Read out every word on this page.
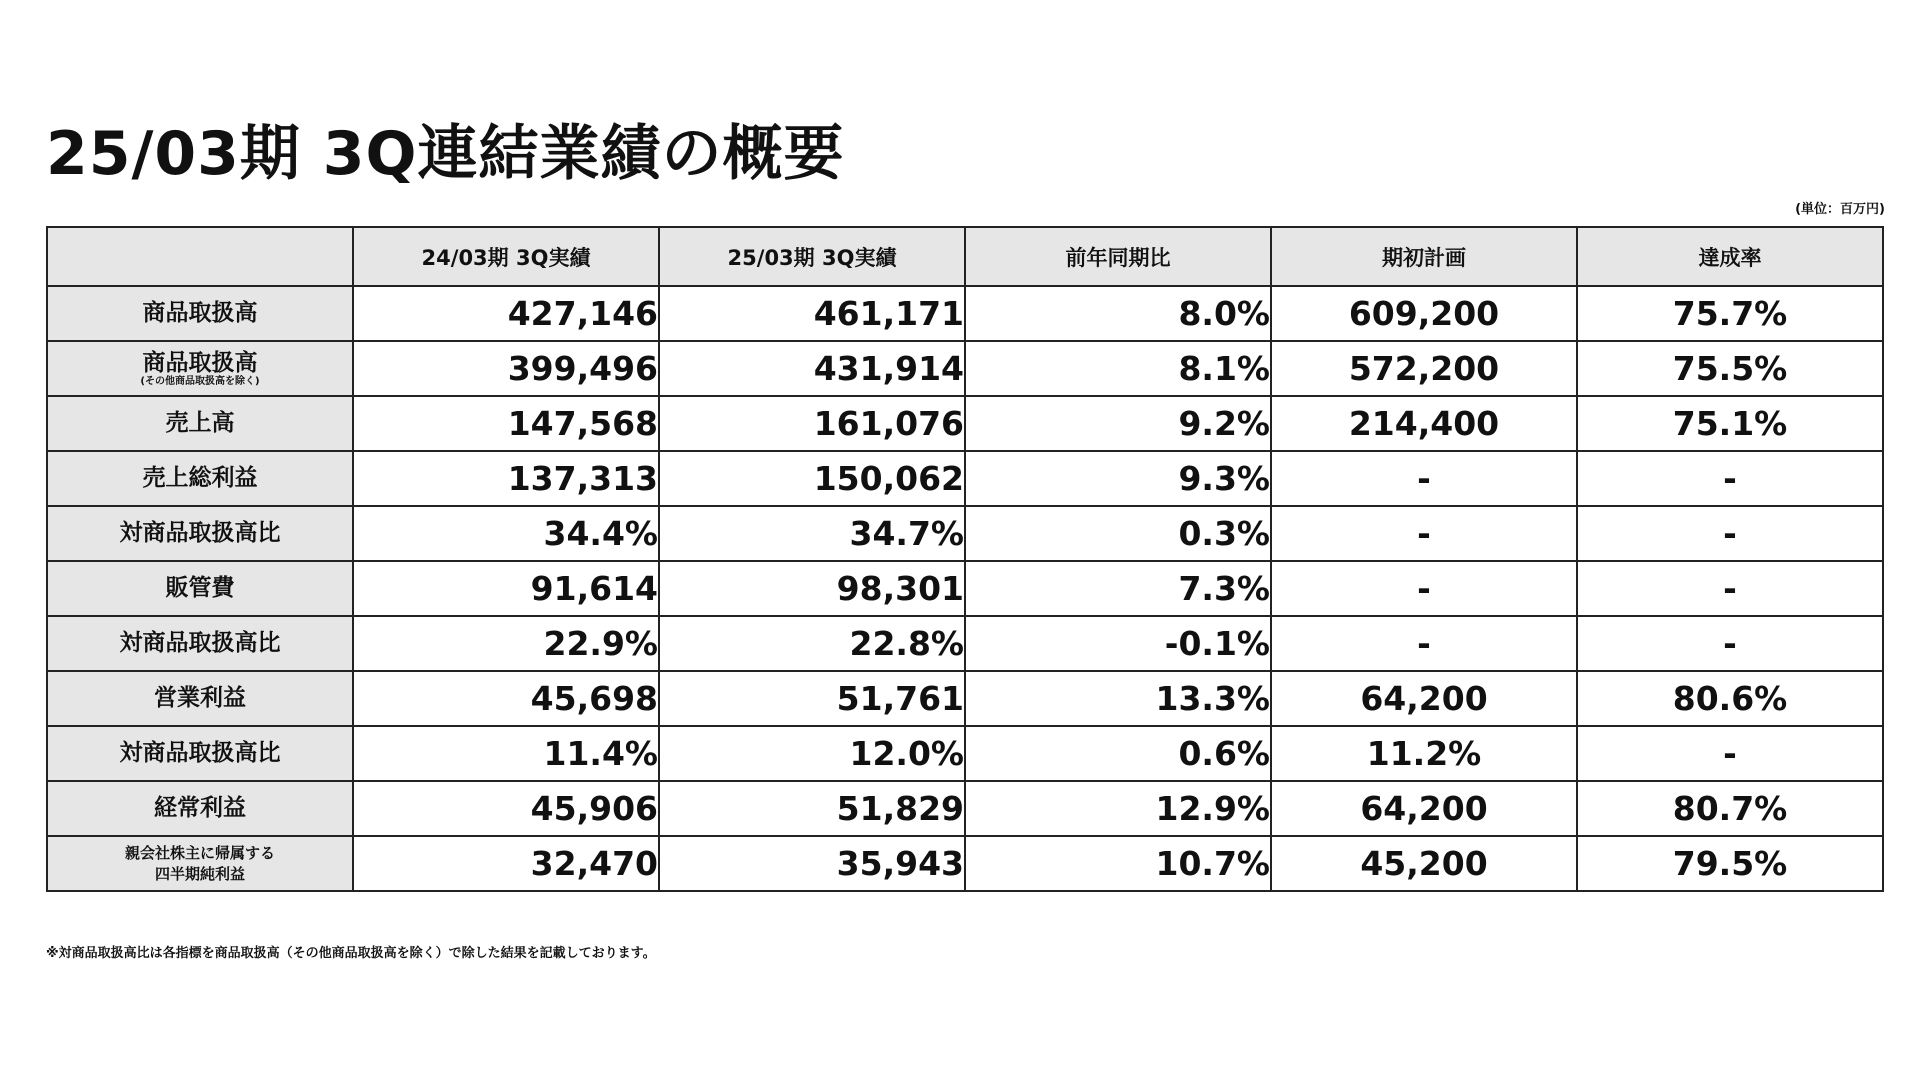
25/03期 3Q連結業績の概要
(単位：百万円)
	24/03期 3Q実績	25/03期 3Q実績	前年同期比	期初計画	達成率
商品取扱高	427,146	461,171	8.0%	609,200	75.7%
商品取扱高
(その他商品取扱高を除く)	399,496	431,914	8.1%	572,200	75.5%
売上高	147,568	161,076	9.2%	214,400	75.1%
売上総利益	137,313	150,062	9.3%	-	-
対商品取扱高比	34.4%	34.7%	0.3%	-	-
販管費	91,614	98,301	7.3%	-	-
対商品取扱高比	22.9%	22.8%	-0.1%	-	-
営業利益	45,698	51,761	13.3%	64,200	80.6%
対商品取扱高比	11.4%	12.0%	0.6%	11.2%	-
経常利益	45,906	51,829	12.9%	64,200	80.7%

親会社株主に帰属する
四半期純利益	32,470	35,943	10.7%	45,200	79.5%
※対商品取扱高比は各指標を商品取扱高（その他商品取扱高を除く）で除した結果を記載しております。
